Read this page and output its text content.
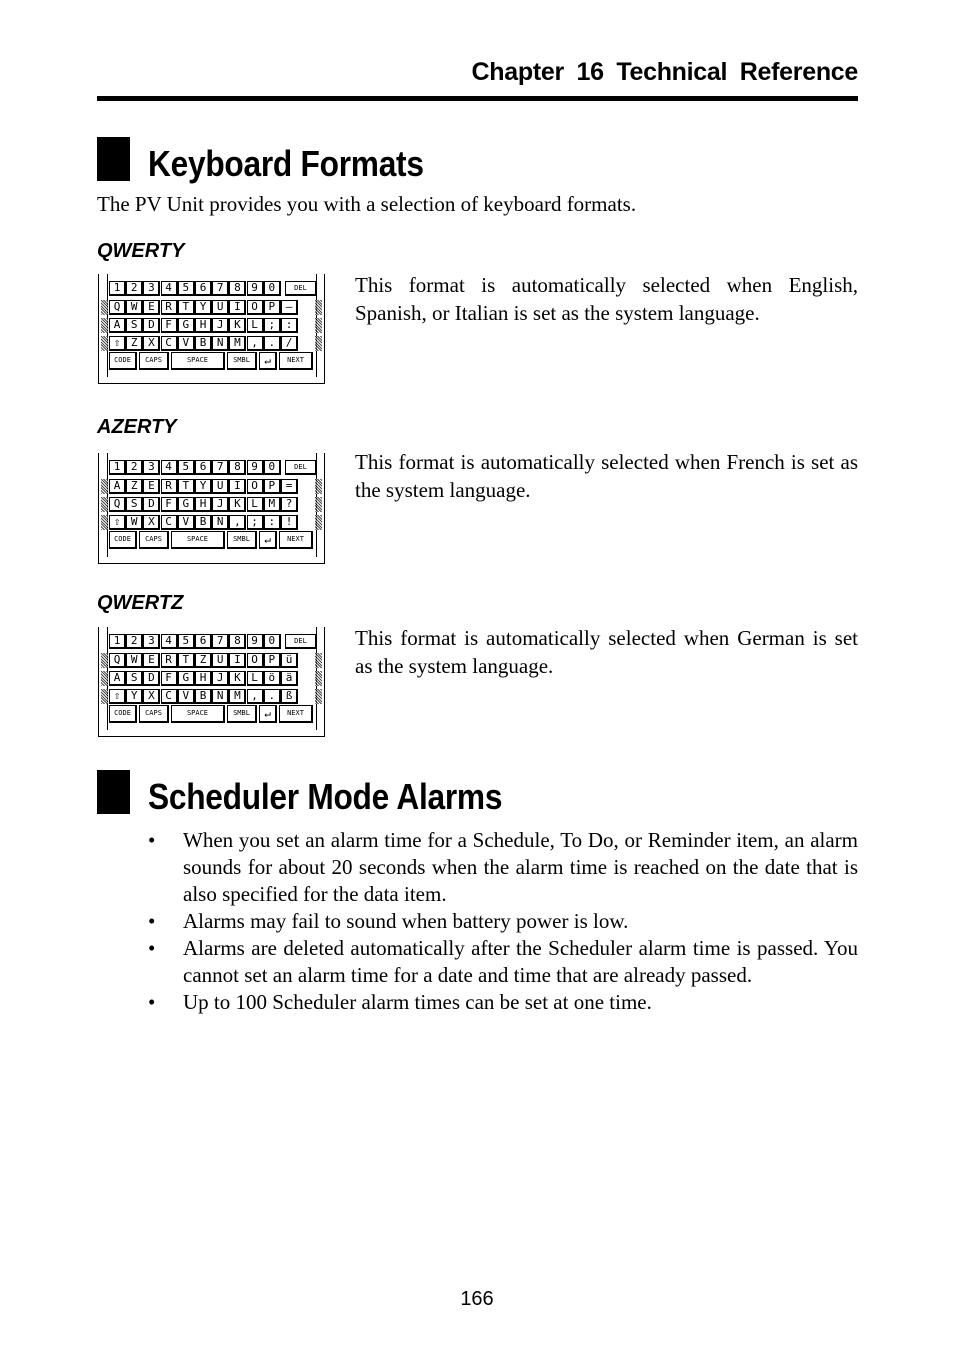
Chapter 16 Technical Reference
Keyboard Formats
The PV Unit provides you with a selection of keyboard formats.
QWERTY
1 2 3 4 5 6 7 8 9 0	DEL
Q W E R T Y U I O P –
A S D F G H J K L ; :
⇧ Z X C V B N M , . /
CODE	CAPS	SPACE	SMBL	↵	NEXT
This format is automatically selected when English, Spanish, or Italian is set as the system language.
AZERTY
1 2 3 4 5 6 7 8 9 0	DEL
A Z E R T Y U I O P =
Q S D F G H J K L M ?
⇧ W X C V B N , ; : !
CODE	CAPS	SPACE	SMBL	↵	NEXT
This format is automatically selected when French is set as the system language.
QWERTZ
1 2 3 4 5 6 7 8 9 0	DEL
Q W E R T Z U I O P ü
A S D F G H J K L ö ä
⇧ Y X C V B N M , . ß
CODE	CAPS	SPACE	SMBL	↵	NEXT
This format is automatically selected when German is set as the system language.
Scheduler Mode Alarms
• When you set an alarm time for a Schedule, To Do, or Reminder item, an alarm sounds for about 20 seconds when the alarm time is reached on the date that is also specified for the data item.
• Alarms may fail to sound when battery power is low.
• Alarms are deleted automatically after the Scheduler alarm time is passed. You cannot set an alarm time for a date and time that are already passed.
• Up to 100 Scheduler alarm times can be set at one time.
166
